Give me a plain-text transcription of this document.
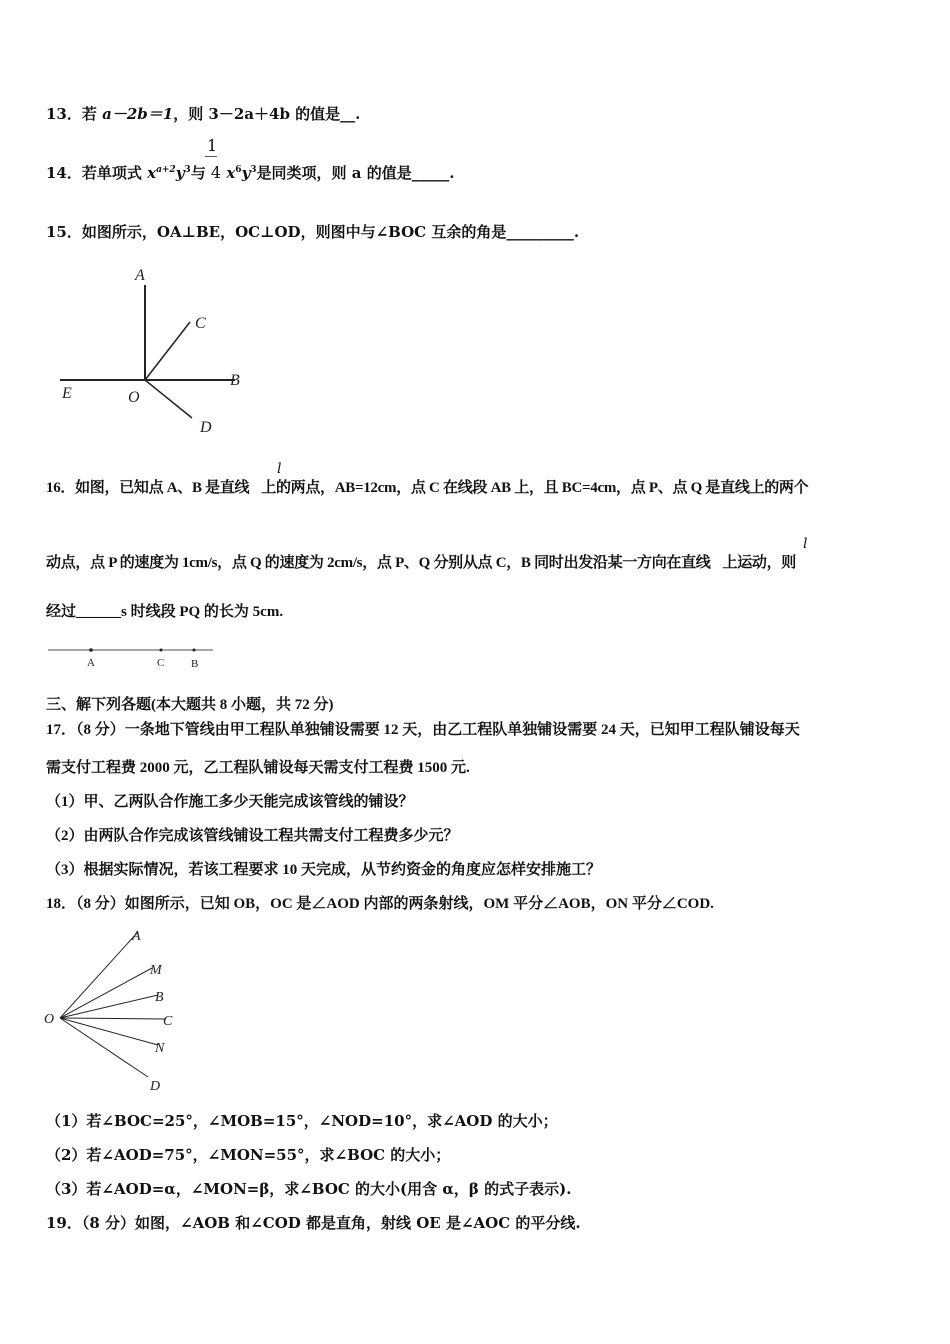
13．若 a－2b＝1，则 3－2a＋4b 的值是__.
1
14．若单项式 $x^{a+2}y^3$与 4 $x^6y^3$是同类项，则 a 的值是_____.
15．如图所示，OA⊥BE，OC⊥OD，则图中与∠BOC 互余的角是_________.
A
C
B
E	O
D
l
16．如图，已知点 A、B 是直线 上的两点，AB=12cm，点 C 在线段 AB 上，且 BC=4cm，点 P、点 Q 是直线上的两个
l
动点，点 P 的速度为 1cm/s，点 Q 的速度为 2cm/s，点 P、Q 分别从点 C，B 同时出发沿某一方向在直线 上运动，则
经过______s 时线段 PQ 的长为 5cm.
A	C B
三、解下列各题(本大题共 8 小题，共 72 分)
17．（8 分）一条地下管线由甲工程队单独铺设需要 12 天，由乙工程队单独铺设需要 24 天，已知甲工程队铺设每天
需支付工程费 2000 元，乙工程队铺设每天需支付工程费 1500 元.
（1）甲、乙两队合作施工多少天能完成该管线的铺设？
（2）由两队合作完成该管线铺设工程共需支付工程费多少元？
（3）根据实际情况，若该工程要求 10 天完成，从节约资金的角度应怎样安排施工？
18．（8 分）如图所示，已知 OB，OC 是∠AOD 内部的两条射线，OM 平分∠AOB，ON 平分∠COD.
A
M
B
C
N
D
O
（1）若∠BOC=25°，∠MOB=15°，∠NOD=10°，求∠AOD 的大小；
（2）若∠AOD=75°，∠MON=55°，求∠BOC 的大小；
（3）若∠AOD=α，∠MON=β，求∠BOC 的大小(用含 α，β 的式子表示).
19．（8 分）如图，∠AOB 和∠COD 都是直角，射线 OE 是∠AOC 的平分线.
